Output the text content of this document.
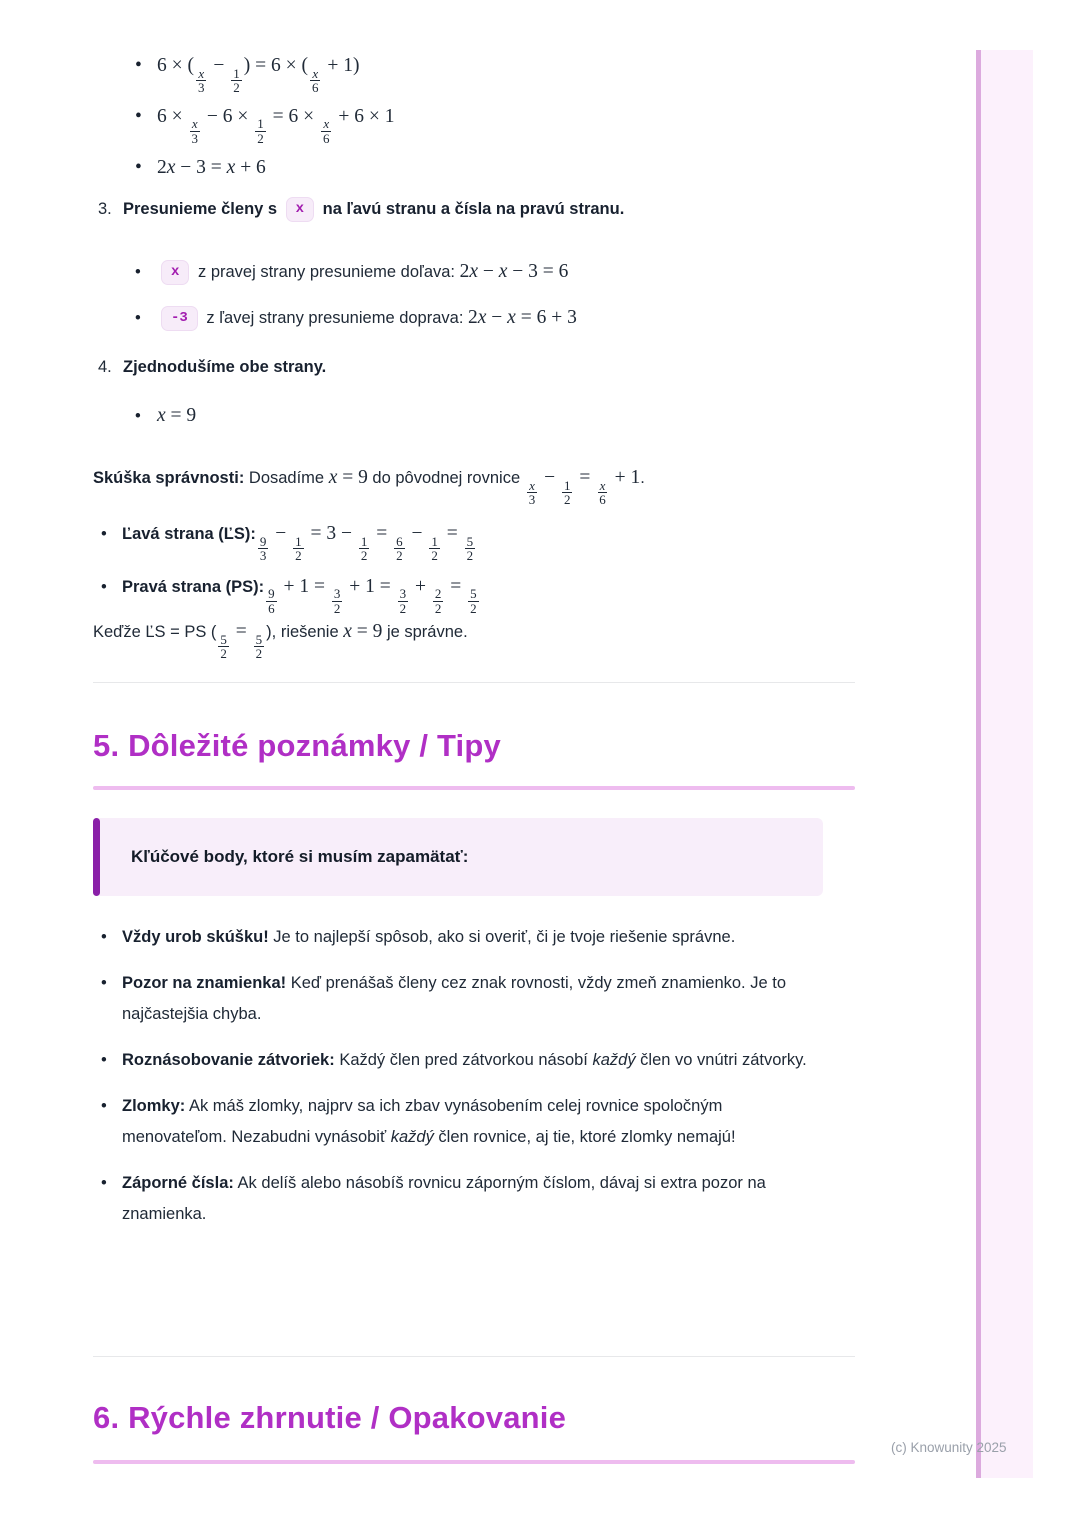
• 6 × (
$\frac{x}{3}$
−
$\frac{1}{2}$
) = 6 × (
$\frac{x}{6}$
+ 1)
• 6 ×
$\frac{x}{3}$
− 6 ×
$\frac{1}{2}$
= 6 ×
$\frac{x}{6}$
+ 6 × 1
• 2x − 3 = x + 6
3. Presunieme členy s x na ľavú stranu a čísla na pravú stranu.
• x z pravej strany presunieme doľava: 2x − x − 3 = 6
• -3 z ľavej strany presunieme doprava: 2x − x = 6 + 3
4. Zjednodušíme obe strany.
• x = 9

Skúška správnosti: Dosadíme x = 9 do pôvodnej rovnice
$\frac{x}{3}$
−
$\frac{1}{2}$
=
$\frac{x}{6}$
+ 1.

• Ľavá strana (ĽS):
$\frac{9}{3}$
−
$\frac{1}{2}$
= 3 −
$\frac{1}{2}$
=
$\frac{6}{2}$
−
$\frac{1}{2}$
=
$\frac{5}{2}$
• Pravá strana (PS):
$\frac{9}{6}$
+ 1 =
$\frac{3}{2}$
+ 1 =
$\frac{3}{2}$
+
$\frac{2}{2}$
=
$\frac{5}{2}$

Keďže ĽS = PS (
$\frac{5}{2}$
=
$\frac{5}{2}$
), riešenie x = 9 je správne.

5. Dôležité poznámky / Tipy
Kľúčové body, ktoré si musím zapamätať:
• Vždy urob skúšku! Je to najlepší spôsob, ako si overiť, či je tvoje riešenie správne.
• Pozor na znamienka! Keď prenášaš členy cez znak rovnosti, vždy zmeň znamienko. Je to najčastejšia chyba.
• Roznásobovanie zátvoriek: Každý člen pred zátvorkou násobí každý člen vo vnútri zátvorky.
• Zlomky: Ak máš zlomky, najprv sa ich zbav vynásobením celej rovnice spoločným menovateľom. Nezabudni vynásobiť každý člen rovnice, aj tie, ktoré zlomky nemajú!
• Záporné čísla: Ak delíš alebo násobíš rovnicu záporným číslom, dávaj si extra pozor na znamienka.
6. Rýchle zhrnutie / Opakovanie
(c) Knowunity 2025
